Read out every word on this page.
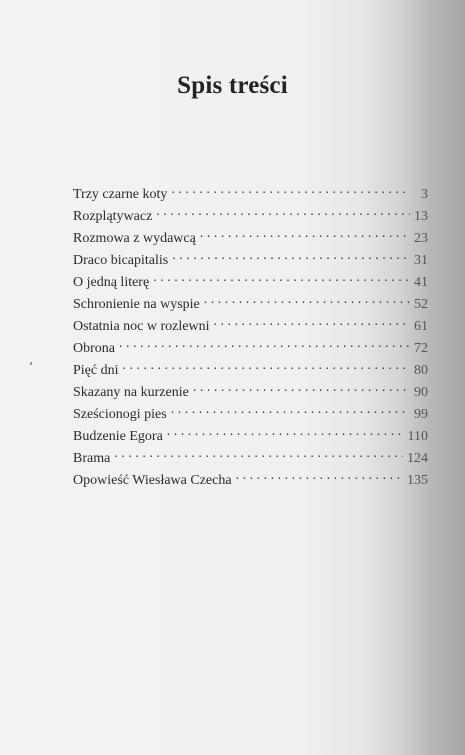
Spis treści
Trzy czarne koty . . .	3
Rozplątywacz . . .	13
Rozmowa z wydawcą . . .	23
Draco bicapitalis . . .	31
O jedną literę . . .	41
Schronienie na wyspie . . .	52
Ostatnia noc w rozlewni . . .	61
Obrona . . .	72
Pięć dni . . .	80
Skazany na kurzenie . . .	90
Sześcionogi pies . . .	99
Budzenie Egora . . .	110
Brama . . .	124
Opowieść Wiesława Czecha . . .	135
